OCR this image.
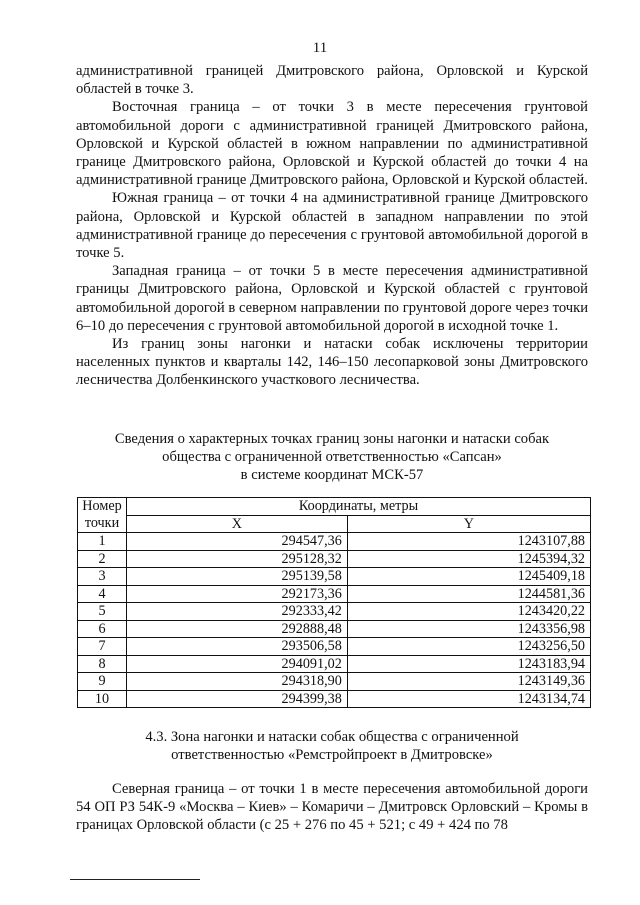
11

административной границей Дмитровского района, Орловской и Курской областей в точке 3.

Восточная граница – от точки 3 в месте пересечения грунтовой автомобильной дороги с административной границей Дмитровского района, Орловской и Курской областей в южном направлении по административной границе Дмитровского района, Орловской и Курской областей до точки 4 на административной границе Дмитровского района, Орловской и Курской областей.

Южная граница – от точки 4 на административной границе Дмитровского района, Орловской и Курской областей в западном направлении по этой административной границе до пересечения с грунтовой автомобильной дорогой в точке 5.

Западная граница – от точки 5 в месте пересечения административной границы Дмитровского района, Орловской и Курской областей с грунтовой автомобильной дорогой в северном направлении по грунтовой дороге через точки 6–10 до пересечения с грунтовой автомобильной дорогой в исходной точке 1.

Из границ зоны нагонки и натаски собак исключены территории населенных пунктов и кварталы 142, 146–150 лесопарковой зоны Дмитровского лесничества Долбенкинского участкового лесничества.

Сведения о характерных точках границ зоны нагонки и натаски собак
общества с ограниченной ответственностью «Сапсан»
в системе координат МСК-57
Номер	Координаты, метры	
точки	X	Y
1	294547,36	1243107,88
2	295128,32	1245394,32
3	295139,58	1245409,18
4	292173,36	1244581,36
5	292333,42	1243420,22
6	292888,48	1243356,98
7	293506,58	1243256,50
8	294091,02	1243183,94
9	294318,90	1243149,36
10	294399,38	1243134,74
4.3. Зона нагонки и натаски собак общества с ограниченной
ответственностью «Ремстройпроект в Дмитровске»

Северная граница – от точки 1 в месте пересечения автомобильной дороги 54 ОП РЗ 54К-9 «Москва – Киев» – Комаричи – Дмитровск Орловский – Кромы в границах Орловской области (с 25 + 276 по 45 + 521; с 49 + 424 по 78
